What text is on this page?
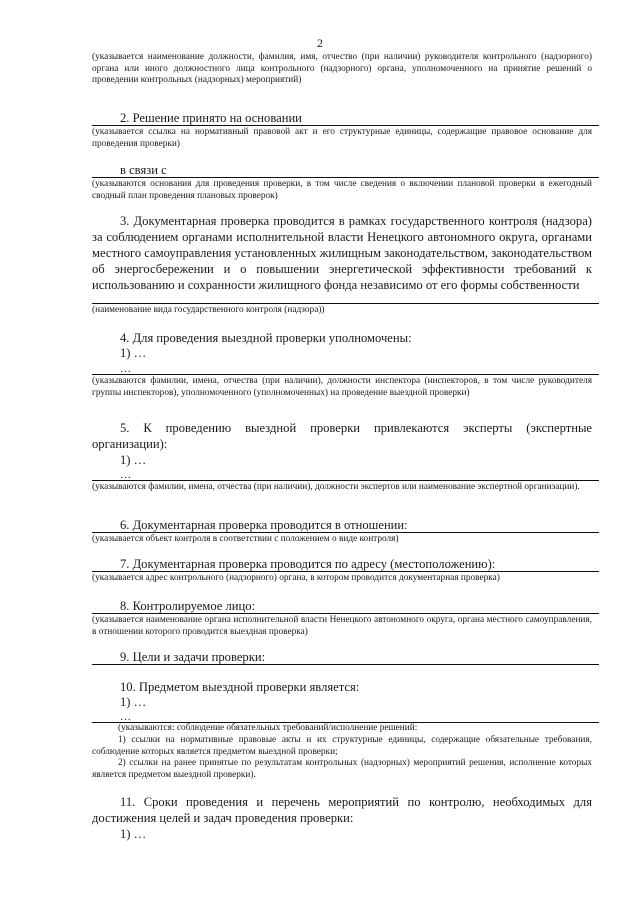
2
(указывается наименование должности, фамилия, имя, отчество (при наличии) руководителя контрольного (надзорного) органа или иного должностного лица контрольного (надзорного) органа, уполномоченного на принятие решений о проведении контрольных (надзорных) мероприятий)
2. Решение принято на основании
(указывается ссылка на нормативный правовой акт и его структурные единицы, содержащие правовое основание для проведения проверки)
в связи с
(указываются основания для проведения проверки, в том числе сведения о включении плановой проверки в ежегодный сводный план проведения плановых проверок)
3. Документарная проверка проводится в рамках государственного контроля (надзора) за соблюдением органами исполнительной власти Ненецкого автономного округа, органами местного самоуправления установленных жилищным законодательством, законодательством об энергосбережении и о повышении энергетической эффективности требований к использованию и сохранности жилищного фонда независимо от его формы собственности
(наименование вида государственного контроля (надзора))
4. Для проведения выездной проверки уполномочены:
1) …
…
(указываются фамилии, имена, отчества (при наличии), должности инспектора (инспекторов, в том числе руководителя группы инспекторов), уполномоченного (уполномоченных) на проведение выездной проверки)
5. К проведению выездной проверки привлекаются эксперты (экспертные организации):
1) …
…
(указываются фамилии, имена, отчества (при наличии), должности экспертов или наименование экспертной организации).
6. Документарная проверка проводится в отношении:
(указывается объект контроля в соответствии с положением о виде контроля)
7. Документарная проверка проводится по адресу (местоположению):
(указывается адрес контрольного (надзорного) органа, в котором проводится документарная проверка)
8. Контролируемое лицо:
(указывается наименование органа исполнительной власти Ненецкого автономного округа, органа местного самоуправления, в отношении которого проводится выездная проверка)
9. Цели и задачи проверки:
10. Предметом выездной проверки является:
1) …
…
(указываются: соблюдение обязательных требований/исполнение решений:
1) ссылки на нормативные правовые акты и их структурные единицы, содержащие обязательные требования, соблюдение которых является предметом выездной проверки;
2) ссылки на ранее принятые по результатам контрольных (надзорных) мероприятий решения, исполнение которых является предметом выездной проверки).
11. Сроки проведения и перечень мероприятий по контролю, необходимых для достижения целей и задач проведения проверки:
1) …
